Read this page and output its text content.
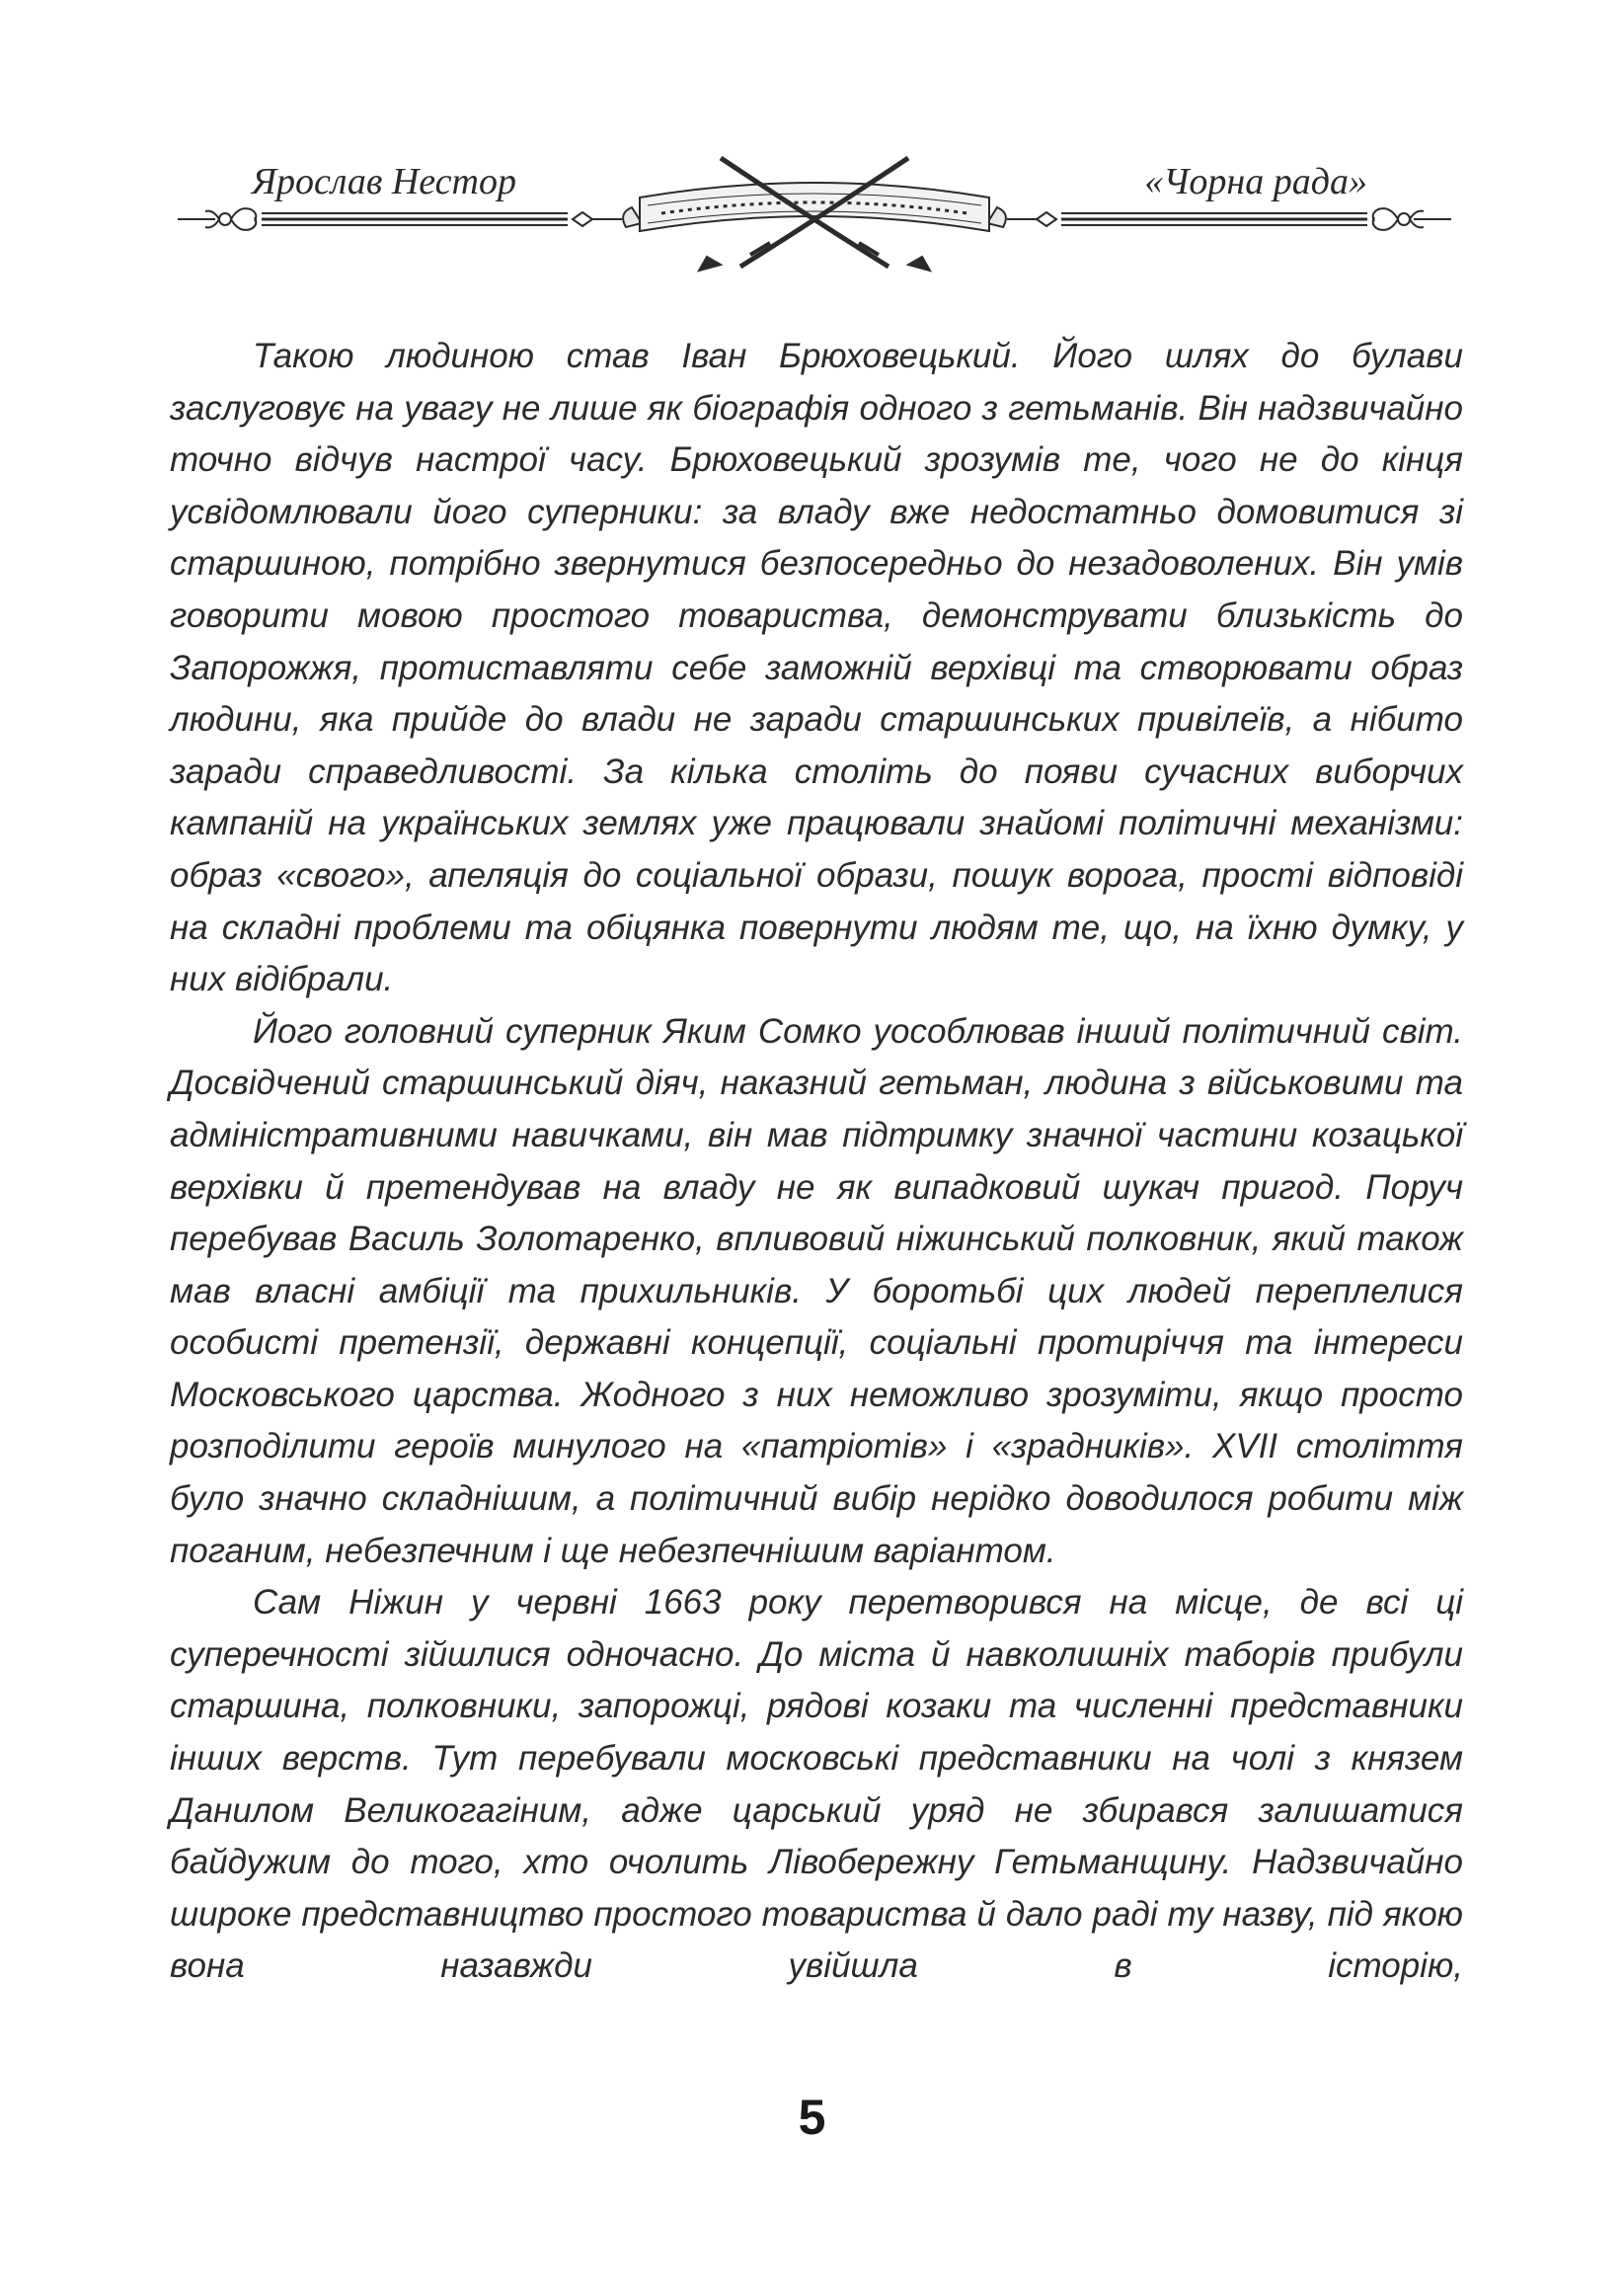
Ярослав Нестор	«Чорна рада»

Такою людиною став Іван Брюховецький. Його шлях до булави заслуговує на увагу не лише як біографія одного з гетьманів. Він надзвичайно точно відчув настрої часу. Брюховецький зрозумів те, чого не до кінця усвідомлювали його суперники: за владу вже недостатньо домовитися зі старшиною, потрібно звернутися безпосередньо до незадоволених. Він умів говорити мовою простого товариства, демонструвати близькість до Запорожжя, протиставляти себе заможній верхівці та створювати образ людини, яка прийде до влади не заради старшинських привілеїв, а нібито заради справедливості. За кілька століть до появи сучасних виборчих кампаній на українських землях уже працювали знайомі політичні механізми: образ «свого», апеляція до соціальної образи, пошук ворога, прості відповіді на складні проблеми та обіцянка повернути людям те, що, на їхню думку, у них відібрали.

Його головний суперник Яким Сомко уособлював інший політичний світ. Досвідчений старшинський діяч, наказний гетьман, людина з військовими та адміністративними навичками, він мав підтримку значної частини козацької верхівки й претендував на владу не як випадковий шукач пригод. Поруч перебував Василь Золотаренко, впливовий ніжинський полковник, який також мав власні амбіції та прихильників. У боротьбі цих людей переплелися особисті претензії, державні концепції, соціальні протиріччя та інтереси Московського царства. Жодного з них неможливо зрозуміти, якщо просто розподілити героїв минулого на «патріотів» і «зрадників». XVII століття було значно складнішим, а політичний вибір нерідко доводилося робити між поганим, небезпечним і ще небезпечнішим варіантом.

Сам Ніжин у червні 1663 року перетворився на місце, де всі ці суперечності зійшлися одночасно. До міста й навколишніх таборів прибули старшина, полковники, запорожці, рядові козаки та численні представники інших верств. Тут перебували московські представники на чолі з князем Данилом Великогагіним, адже царський уряд не збирався залишатися байдужим до того, хто очолить Лівобережну Гетьманщину. Надзвичайно широке представництво простого товариства й дало раді ту назву, під якою вона назавжди увійшла в історію,

5
